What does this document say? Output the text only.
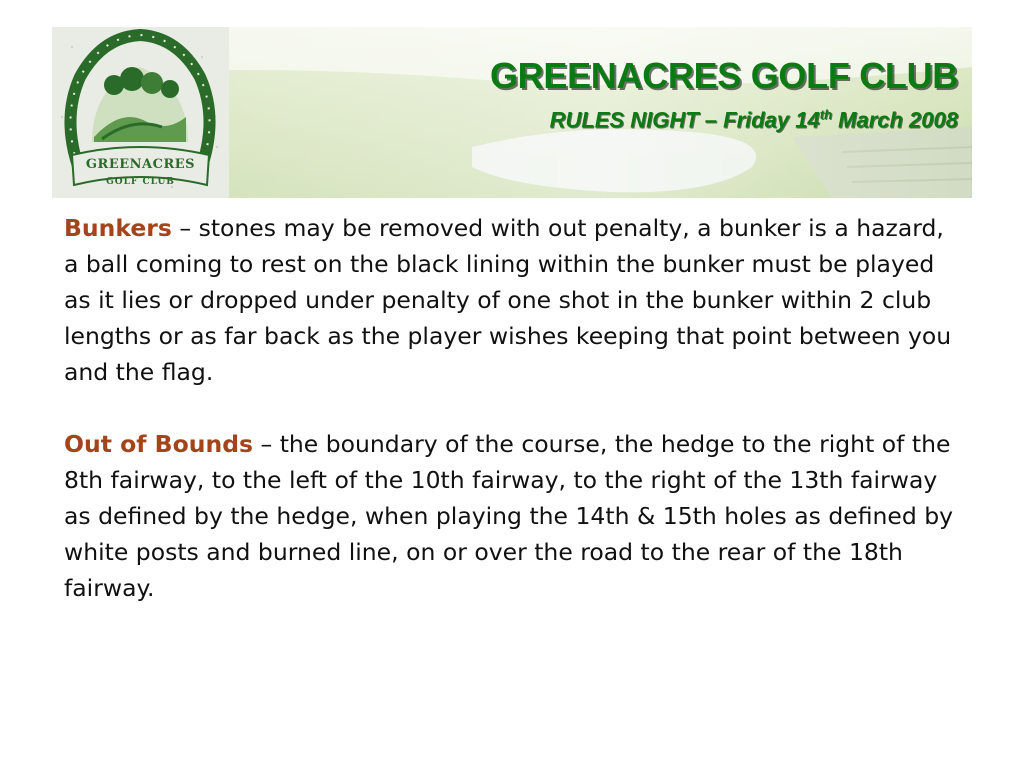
GREENACRES
GOLF CLUB
GREENACRES GOLF CLUB
RULES NIGHT – Friday 14th March 2008

Bunkers – stones may be removed with out penalty, a bunker is a hazard, a ball coming to rest on the black lining within the bunker must be played as it lies or dropped under penalty of one shot in the bunker within 2 club lengths or as far back as the player wishes keeping that point between you and the flag.

Out of Bounds – the boundary of the course, the hedge to the right of the 8th fairway, to the left of the 10th fairway, to the right of the 13th fairway as defined by the hedge, when playing the 14th & 15th holes as defined by white posts and burned line, on or over the road to the rear of the 18th fairway.
